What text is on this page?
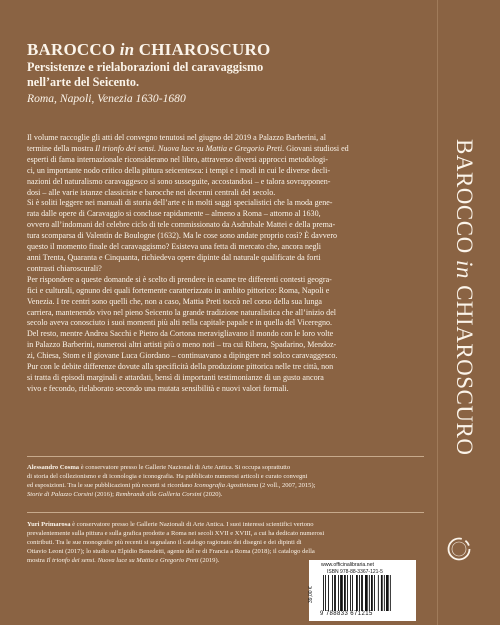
BAROCCO in CHIAROSCURO
Persistenze e rielaborazioni del caravaggismo
nell’arte del Seicento.
Roma, Napoli, Venezia 1630-1680

Il volume raccoglie gli atti del convegno tenutosi nel giugno del 2019 a Palazzo Barberini, al

termine della mostra Il trionfo dei sensi. Nuova luce su Mattia e Gregorio Preti. Giovani studiosi ed

esperti di fama internazionale riconsiderano nel libro, attraverso diversi approcci metodologi-

ci, un importante nodo critico della pittura seicentesca: i tempi e i modi in cui le diverse decli-

nazioni del naturalismo caravaggesco si sono susseguite, accostandosi – e talora sovrapponen-

dosi – alle varie istanze classiciste e barocche nei decenni centrali del secolo.

Si è soliti leggere nei manuali di storia dell’arte e in molti saggi specialistici che la moda gene-

rata dalle opere di Caravaggio si concluse rapidamente – almeno a Roma – attorno al 1630,

ovvero all’indomani del celebre ciclo di tele commissionato da Asdrubale Mattei e della prema-

tura scomparsa di Valentin de Boulogne (1632). Ma le cose sono andate proprio così? È davvero

questo il momento finale del caravaggismo? Esisteva una fetta di mercato che, ancora negli

anni Trenta, Quaranta e Cinquanta, richiedeva opere dipinte dal naturale qualificate da forti

contrasti chiaroscurali?

Per rispondere a queste domande si è scelto di prendere in esame tre differenti contesti geogra-

fici e culturali, ognuno dei quali fortemente caratterizzato in ambito pittorico: Roma, Napoli e

Venezia. I tre centri sono quelli che, non a caso, Mattia Preti toccò nel corso della sua lunga

carriera, mantenendo vivo nel pieno Seicento la grande tradizione naturalistica che all’inizio del

secolo aveva conosciuto i suoi momenti più alti nella capitale papale e in quella del Viceregno.

Del resto, mentre Andrea Sacchi e Pietro da Cortona meravigliavano il mondo con le loro volte

in Palazzo Barberini, numerosi altri artisti più o meno noti – tra cui Ribera, Spadarino, Mendoz-

zi, Chiesa, Stom e il giovane Luca Giordano – continuavano a dipingere nel solco caravaggesco.

Pur con le debite differenze dovute alla specificità della produzione pittorica nelle tre città, non

si tratta di episodi marginali e attardati, bensì di importanti testimonianze di un gusto ancora

vivo e fecondo, rielaborato secondo una mutata sensibilità e nuovi valori formali.

Alessandro Cosma è conservatore presso le Gallerie Nazionali di Arte Antica. Si occupa soprattutto

di storia del collezionismo e di iconologia e iconografia. Ha pubblicato numerosi articoli e curato convegni

ed esposizioni. Tra le sue pubblicazioni più recenti si ricordano Iconografia Agostiniana (2 voll., 2007, 2015);

Storie di Palazzo Corsini (2016); Rembrandt alla Galleria Corsini (2020).

Yuri Primarosa è conservatore presso le Gallerie Nazionali di Arte Antica. I suoi interessi scientifici vertono

prevalentemente sulla pittura e sulla grafica prodotte a Roma nei secoli XVII e XVIII, a cui ha dedicato numerosi

contributi. Tra le sue monografie più recenti si segnalano il catalogo ragionato dei disegni e dei dipinti di

Ottavio Leoni (2017); lo studio su Elpidio Benedetti, agente del re di Francia a Roma (2018); il catalogo della

mostra Il trionfo dei sensi. Nuova luce su Mattia e Gregorio Preti (2019).

BAROCCO in CHIAROSCURO
www.officinalibraria.net
ISBN 978-88-3367-121-5
39,00 €
9 788833 671215
